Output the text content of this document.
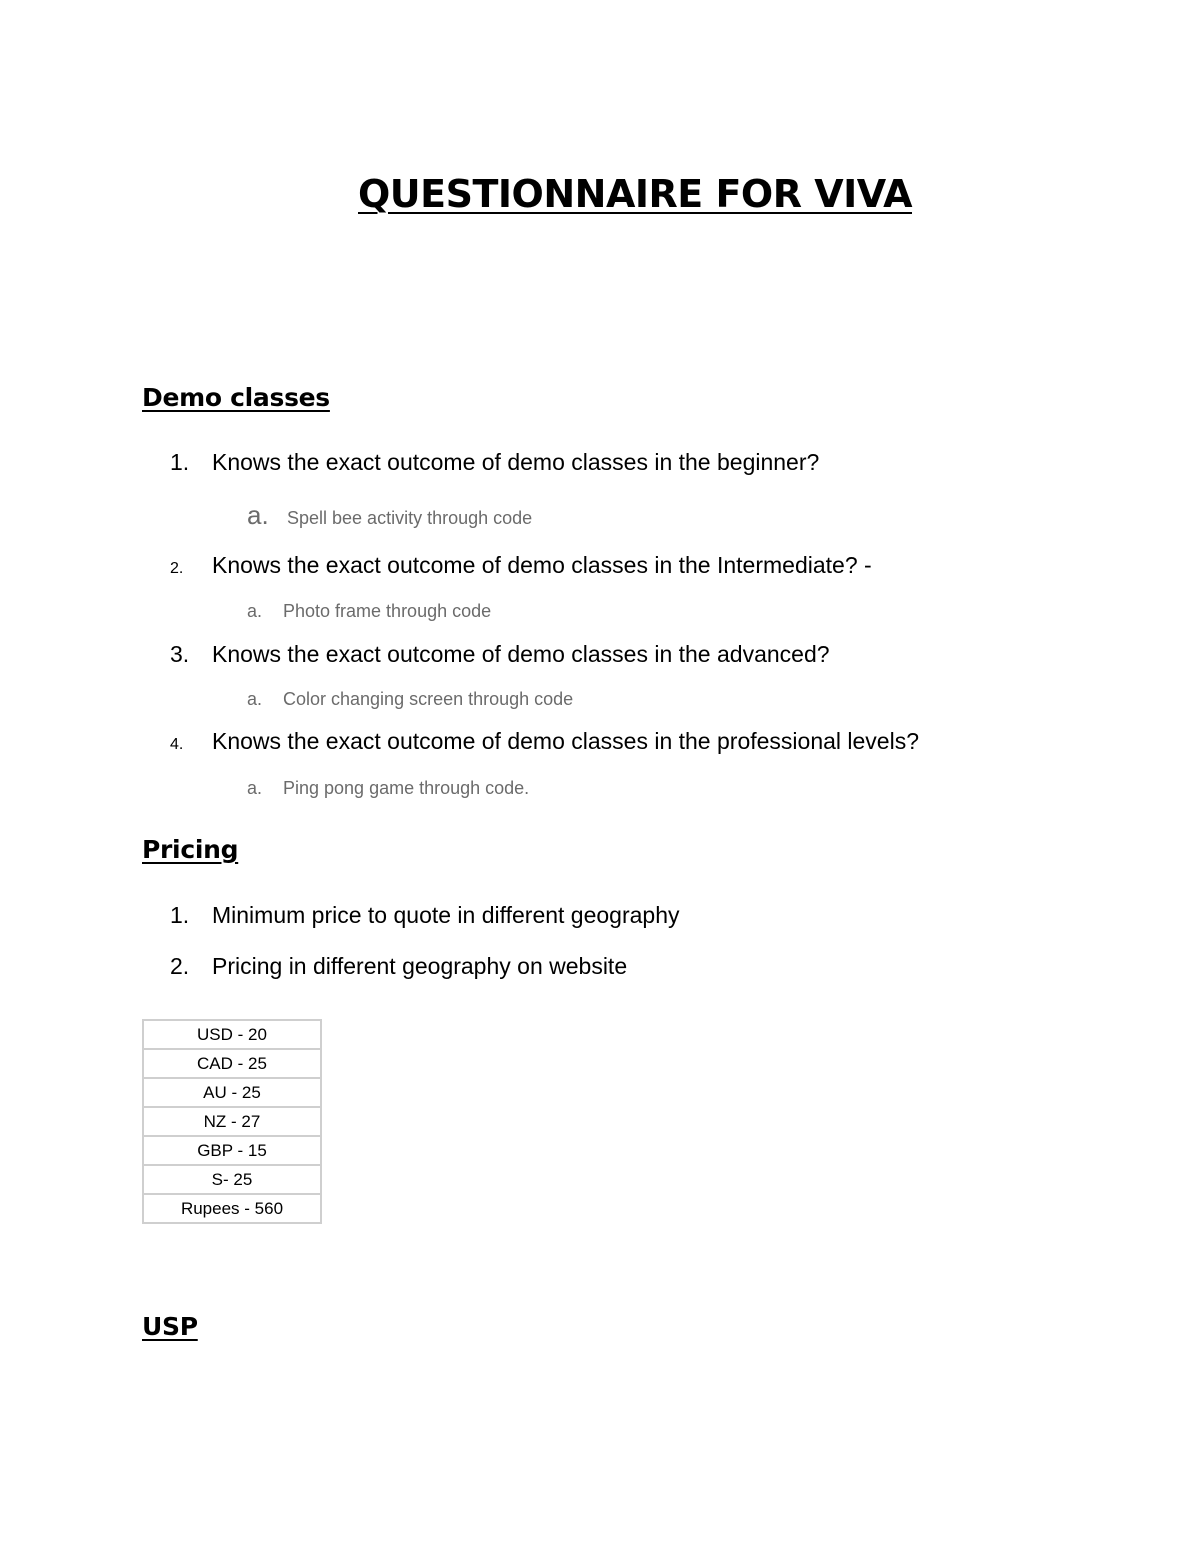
QUESTIONNAIRE FOR VIVA
Demo classes

1. Knows the exact outcome of demo classes in the beginner?

a. Spell bee activity through code

2. Knows the exact outcome of demo classes in the Intermediate? -

a. Photo frame through code

3. Knows the exact outcome of demo classes in the advanced?

a. Color changing screen through code

4. Knows the exact outcome of demo classes in the professional levels?

a. Ping pong game through code.

Pricing

1. Minimum price to quote in different geography

2. Pricing in different geography on website

USD - 20
CAD - 25
AU - 25
NZ - 27
GBP - 15
S- 25
Rupees - 560
USP
